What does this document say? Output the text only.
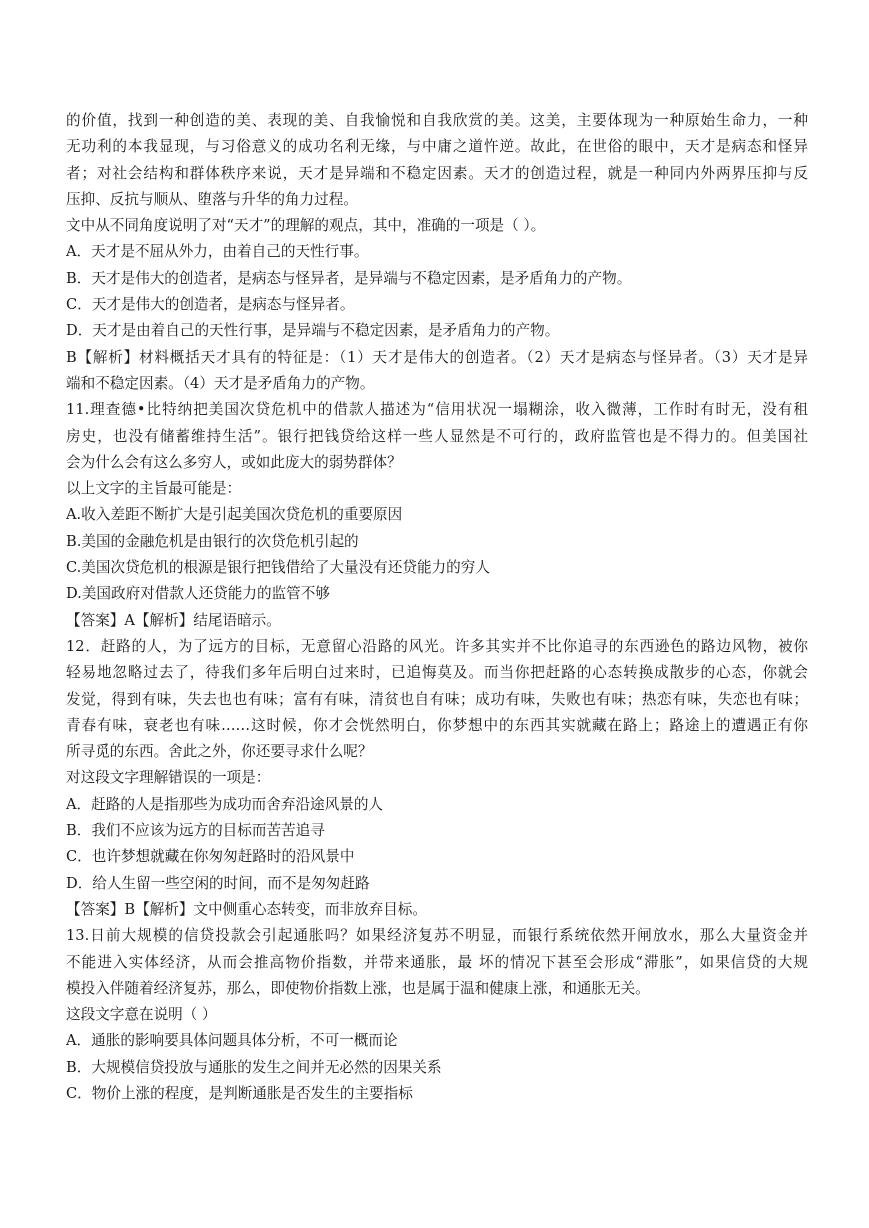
的价值，找到一种创造的美、表现的美、自我愉悦和自我欣赏的美。这美，主要体现为一种原始生命力，一种
无功利的本我显现，与习俗意义的成功名利无缘，与中庸之道忤逆。故此，在世俗的眼中，天才是病态和怪异
者；对社会结构和群体秩序来说，天才是异端和不稳定因素。天才的创造过程，就是一种同内外两界压抑与反
压抑、反抗与顺从、堕落与升华的角力过程。
文中从不同角度说明了对“天才”的理解的观点，其中，准确的一项是（ ）。
A．天才是不屈从外力，由着自己的天性行事。
B．天才是伟大的创造者，是病态与怪异者，是异端与不稳定因素，是矛盾角力的产物。
C．天才是伟大的创造者，是病态与怪异者。
D．天才是由着自己的天性行事，是异端与不稳定因素，是矛盾角力的产物。
B【解析】材料概括天才具有的特征是：（1）天才是伟大的创造者。（2）天才是病态与怪异者。（3）天才是异
端和不稳定因素。（4）天才是矛盾角力的产物。
11.理查德•比特纳把美国次贷危机中的借款人描述为“信用状况一塌糊涂，收入微薄，工作时有时无，没有租
房史，也没有储蓄维持生活”。银行把钱贷给这样一些人显然是不可行的，政府监管也是不得力的。但美国社
会为什么会有这么多穷人，或如此庞大的弱势群体？
以上文字的主旨最可能是：
A.收入差距不断扩大是引起美国次贷危机的重要原因
B.美国的金融危机是由银行的次贷危机引起的
C.美国次贷危机的根源是银行把钱借给了大量没有还贷能力的穷人
D.美国政府对借款人还贷能力的监管不够
【答案】A【解析】结尾语暗示。
12．赶路的人，为了远方的目标，无意留心沿路的风光。许多其实并不比你追寻的东西逊色的路边风物，被你
轻易地忽略过去了，待我们多年后明白过来时，已追悔莫及。而当你把赶路的心态转换成散步的心态，你就会
发觉，得到有味，失去也也有味；富有有味，清贫也自有味；成功有味，失败也有味；热恋有味，失恋也有味；
青春有味，衰老也有味……这时候，你才会恍然明白，你梦想中的东西其实就藏在路上；路途上的遭遇正有你
所寻觅的东西。舍此之外，你还要寻求什么呢？
对这段文字理解错误的一项是：
A．赶路的人是指那些为成功而舍弃沿途风景的人
B．我们不应该为远方的目标而苦苦追寻
C．也许梦想就藏在你匆匆赶路时的沿风景中
D．给人生留一些空闲的时间，而不是匆匆赶路
【答案】B【解析】文中侧重心态转变，而非放弃目标。
13.日前大规模的信贷投款会引起通胀吗？如果经济复苏不明显，而银行系统依然开闸放水，那么大量资金并
不能进入实体经济，从而会推高物价指数，并带来通胀，最 坏的情况下甚至会形成“滞胀”，如果信贷的大规
模投入伴随着经济复苏，那么，即使物价指数上涨，也是属于温和健康上涨，和通胀无关。
这段文字意在说明（ ）
A．通胀的影响要具体问题具体分析，不可一概而论
B．大规模信贷投放与通胀的发生之间并无必然的因果关系
C．物价上涨的程度，是判断通胀是否发生的主要指标
